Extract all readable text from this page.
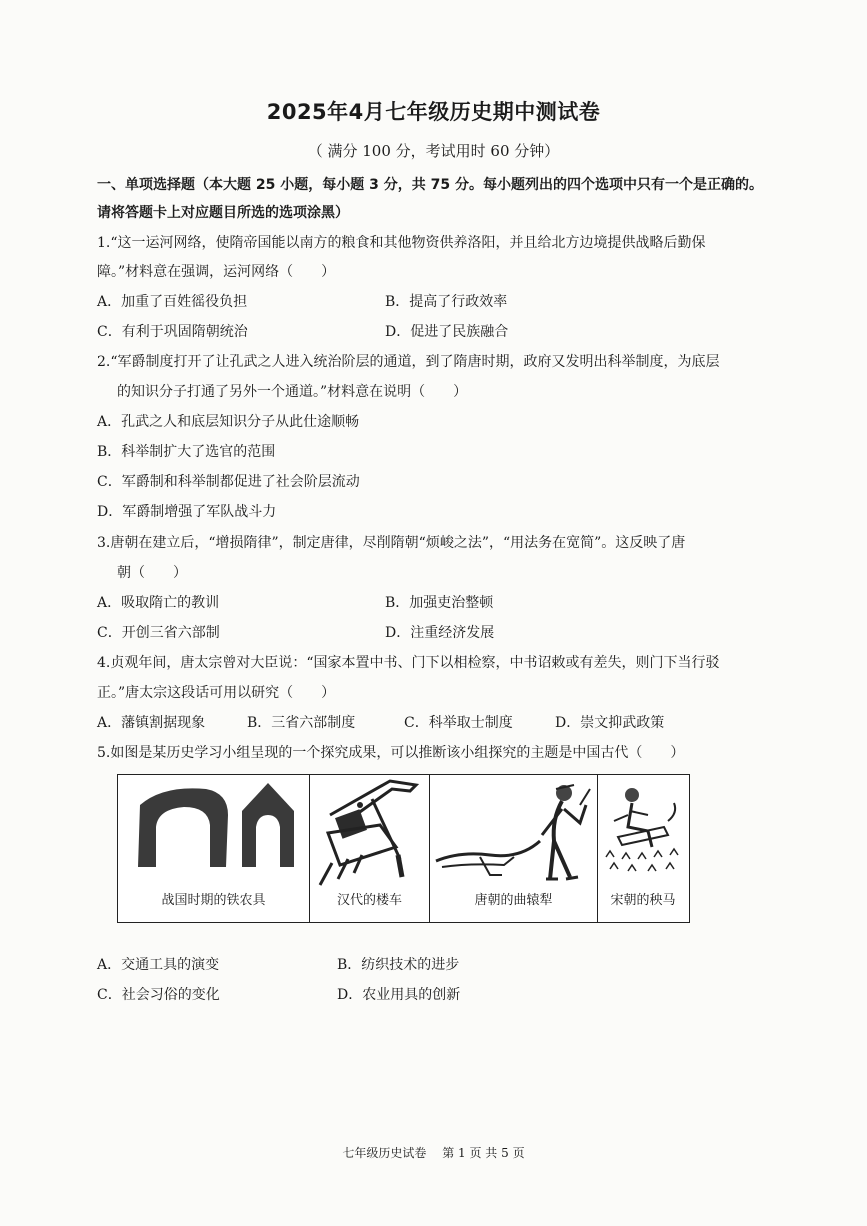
2025年4月七年级历史期中测试卷
（ 满分 100 分，考试用时 60 分钟）
一、单项选择题（本大题 25 小题，每小题 3 分，共 75 分。每小题列出的四个选项中只有一个是正确的。
请将答题卡上对应题目所选的选项涂黑）
1.“这一运河网络，使隋帝国能以南方的粮食和其他物资供养洛阳，并且给北方边境提供战略后勤保
障。”材料意在强调，运河网络（　　）
A．加重了百姓徭役负担	B．提高了行政效率
C．有利于巩固隋朝统治	D．促进了民族融合
2.“军爵制度打开了让孔武之人进入统治阶层的通道，到了隋唐时期，政府又发明出科举制度，为底层
的知识分子打通了另外一个通道。”材料意在说明（　　）
A．孔武之人和底层知识分子从此仕途顺畅
B．科举制扩大了选官的范围
C．军爵制和科举制都促进了社会阶层流动
D．军爵制增强了军队战斗力
3.唐朝在建立后，“增损隋律”，制定唐律，尽削隋朝“烦峻之法”，“用法务在宽简”。这反映了唐
朝（　　）
A．吸取隋亡的教训	B．加强吏治整顿
C．开创三省六部制	D．注重经济发展
4.贞观年间，唐太宗曾对大臣说：“国家本置中书、门下以相检察，中书诏敕或有差失，则门下当行驳
正。”唐太宗这段话可用以研究（　　）
A．藩镇割据现象	B．三省六部制度	C．科举取士制度	D．崇文抑武政策
5.如图是某历史学习小组呈现的一个探究成果，可以推断该小组探究的主题是中国古代（　　）
战国时期的铁农具	汉代的楼车	唐朝的曲辕犁	宋朝的秧马
A．交通工具的演变	B．纺织技术的进步
C．社会习俗的变化	D．农业用具的创新
七年级历史试卷　 第 1 页 共 5 页
